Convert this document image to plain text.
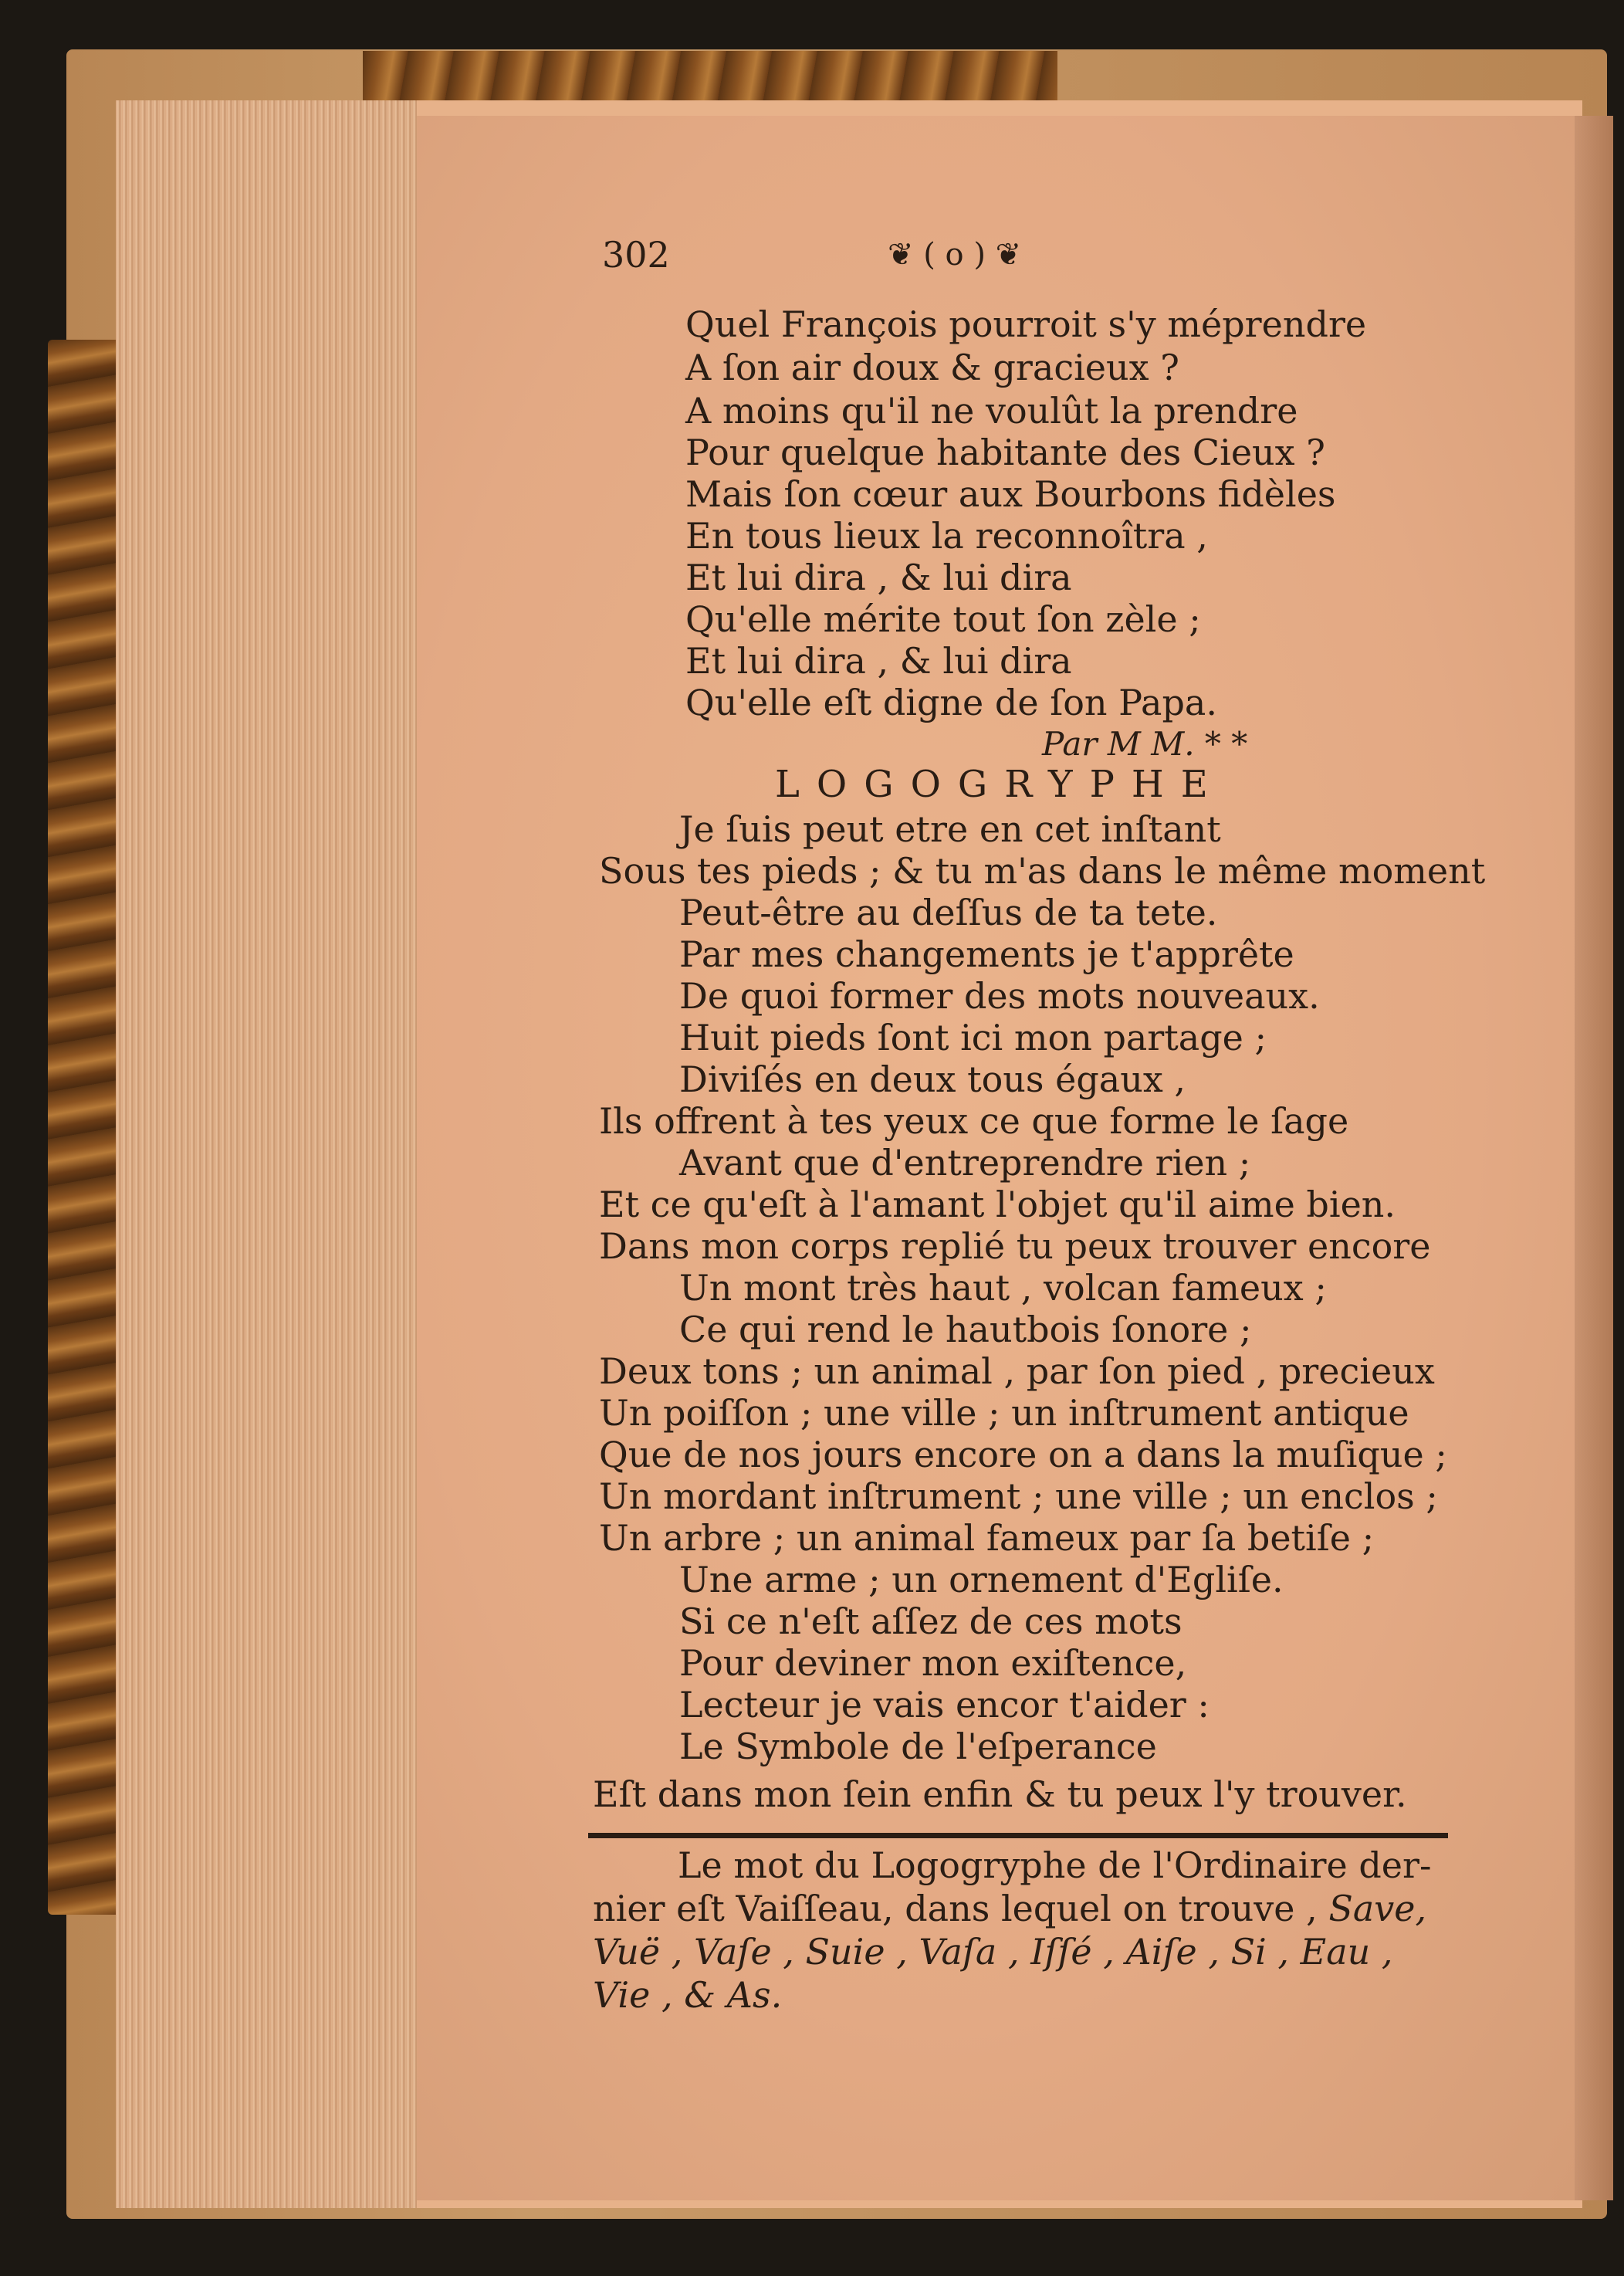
302	❦ ( o ) ❦
Quel François pourroit s'y méprendre
A ſon air doux & gracieux ?
A moins qu'il ne voulût la prendre
Pour quelque habitante des Cieux ?
Mais ſon cœur aux Bourbons fidèles
En tous lieux la reconnoîtra ,
Et lui dira , & lui dira
Qu'elle mérite tout ſon zèle ;
Et lui dira , & lui dira
Qu'elle eſt digne de ſon Papa.
Par M M. * *
LOGOGRYPHE
Je ſuis peut etre en cet inſtant
Sous tes pieds ; & tu m'as dans le même moment
Peut-être au deſſus de ta tete.
Par mes changements je t'apprête
De quoi former des mots nouveaux.
Huit pieds ſont ici mon partage ;
Diviſés en deux tous égaux ,
Ils offrent à tes yeux ce que forme le ſage
Avant que d'entreprendre rien ;
Et ce qu'eſt à l'amant l'objet qu'il aime bien.
Dans mon corps replié tu peux trouver encore
Un mont très haut , volcan fameux ;
Ce qui rend le hautbois ſonore ;
Deux tons ; un animal , par ſon pied , precieux
Un poiſſon ; une ville ; un inſtrument antique
Que de nos jours encore on a dans la muſique ;
Un mordant inſtrument ; une ville ; un enclos ;
Un arbre ; un animal fameux par ſa betiſe ;
Une arme ; un ornement d'Egliſe.
Si ce n'eſt aſſez de ces mots
Pour deviner mon exiſtence,
Lecteur je vais encor t'aider :
Le Symbole de l'eſperance
Eſt dans mon ſein enfin & tu peux l'y trouver.
Le mot du Logogryphe de l'Ordinaire der-
nier eſt Vaiſſeau, dans lequel on trouve , Save,
Vuë , Vaſe , Suie , Vaſa , Iſſé , Aiſe , Si , Eau ,
Vie , & As.
